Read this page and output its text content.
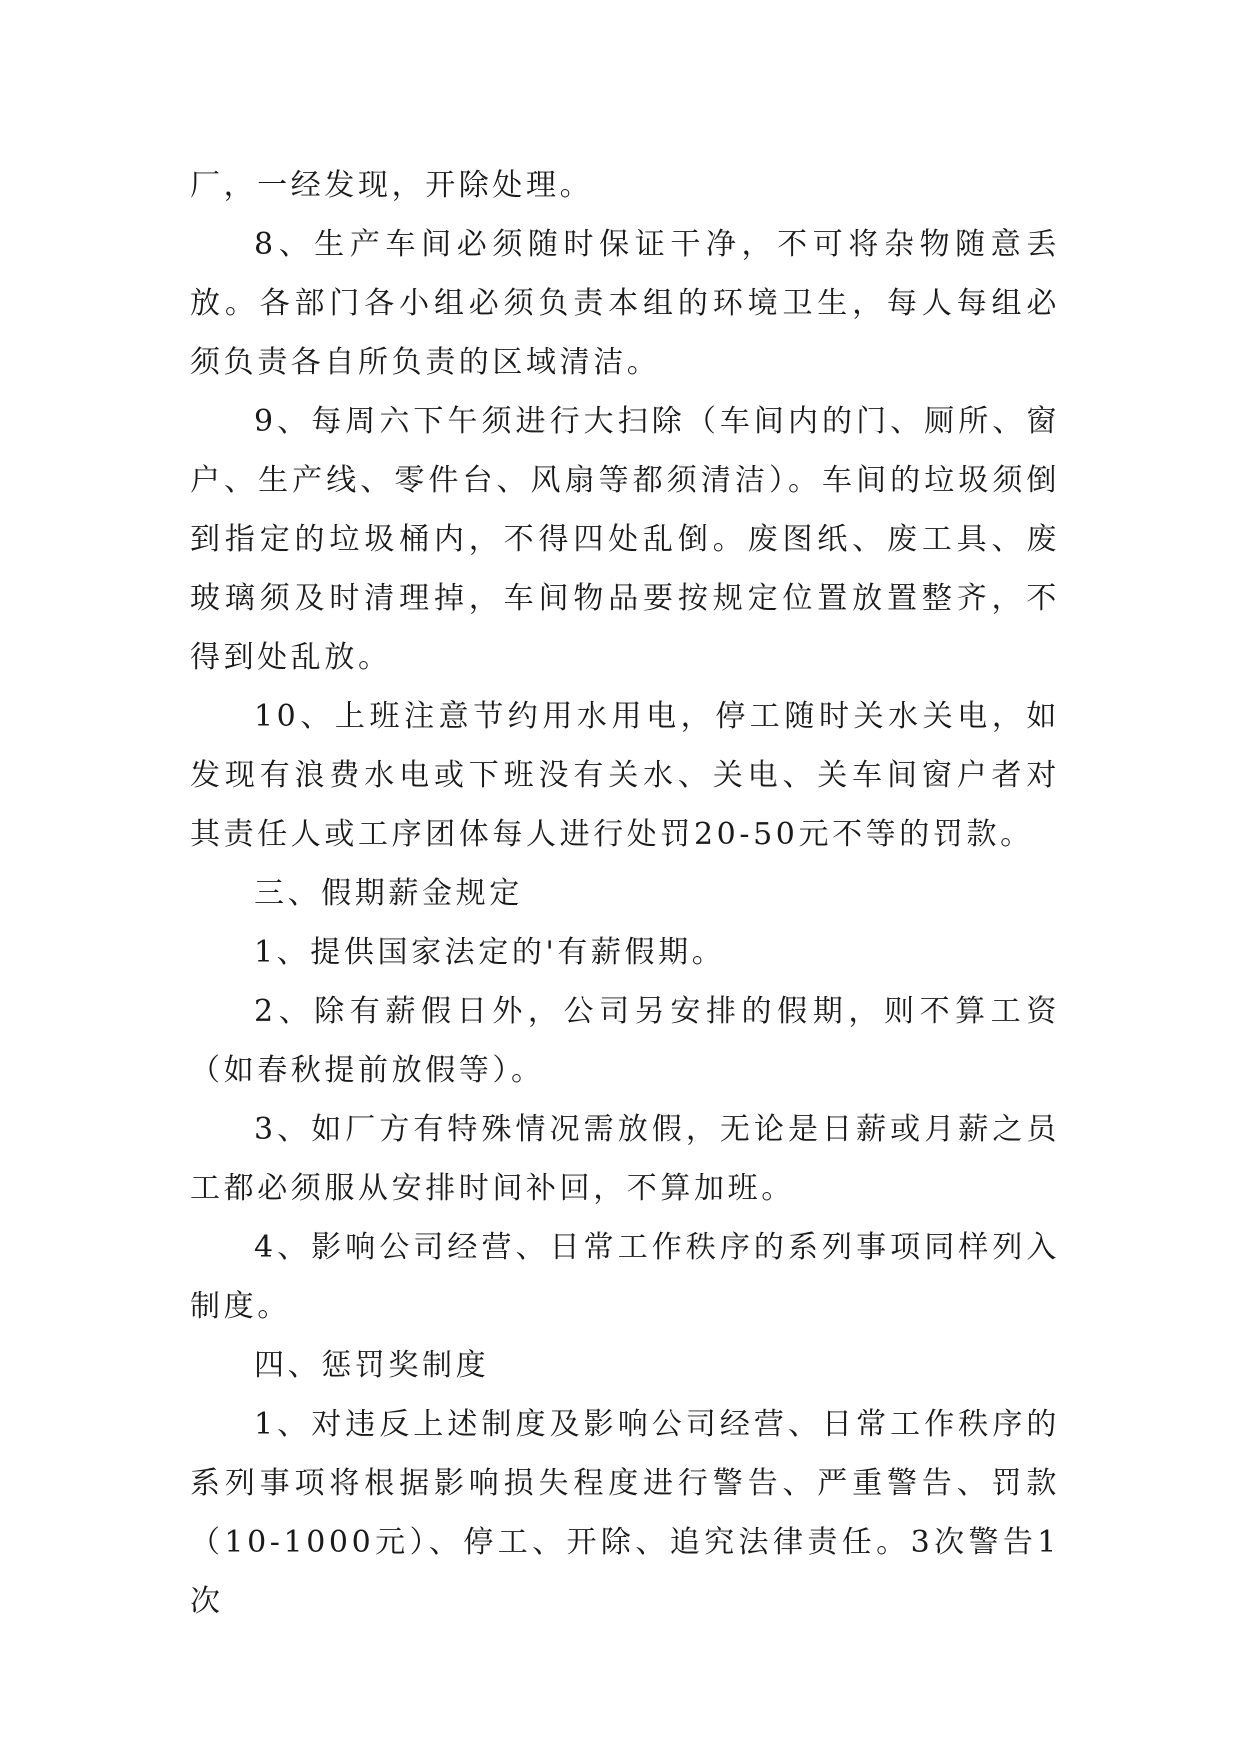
厂，一经发现，开除处理。

8、生产车间必须随时保证干净，不可将杂物随意丢放。各部门各小组必须负责本组的环境卫生，每人每组必须负责各自所负责的区域清洁。

9、每周六下午须进行大扫除（车间内的门、厕所、窗户、生产线、零件台、风扇等都须清洁）。车间的垃圾须倒到指定的垃圾桶内，不得四处乱倒。废图纸、废工具、废玻璃须及时清理掉，车间物品要按规定位置放置整齐，不得到处乱放。

10、上班注意节约用水用电，停工随时关水关电，如发现有浪费水电或下班没有关水、关电、关车间窗户者对其责任人或工序团体每人进行处罚20-50元不等的罚款。

三、假期薪金规定

1、提供国家法定的'有薪假期。

2、除有薪假日外，公司另安排的假期，则不算工资（如春秋提前放假等）。

3、如厂方有特殊情况需放假，无论是日薪或月薪之员工都必须服从安排时间补回，不算加班。

4、影响公司经营、日常工作秩序的系列事项同样列入制度。

四、惩罚奖制度

1、对违反上述制度及影响公司经营、日常工作秩序的系列事项将根据影响损失程度进行警告、严重警告、罚款（10-1000元）、停工、开除、追究法律责任。3次警告1次
